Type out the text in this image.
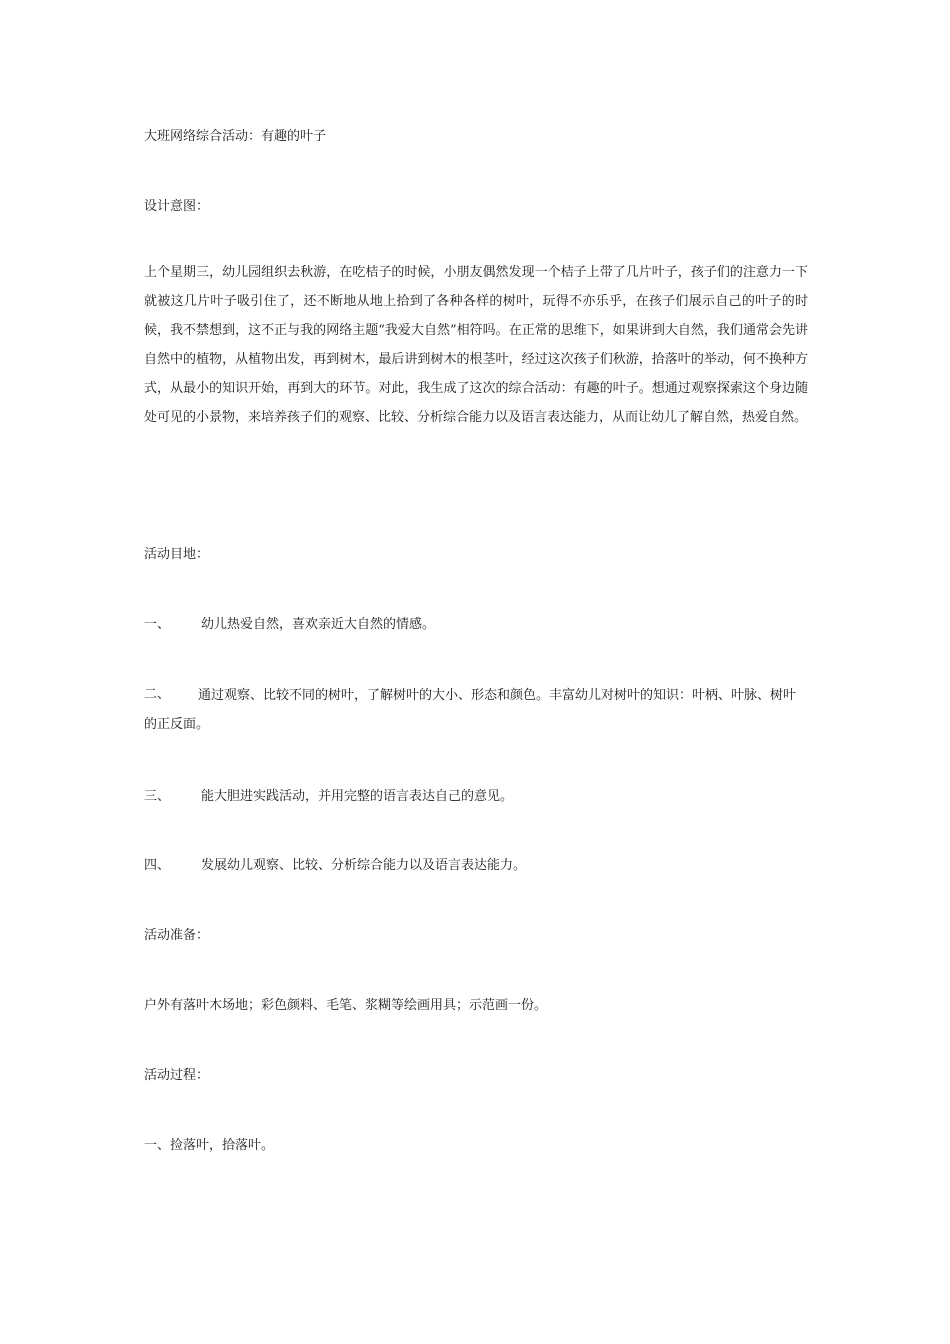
大班网络综合活动：有趣的叶子
设计意图：
上个星期三，幼儿园组织去秋游，在吃桔子的时候，小朋友偶然发现一个桔子上带了几片叶子，孩子们的注意力一下就被这几片叶子吸引住了，还不断地从地上拾到了各种各样的树叶，玩得不亦乐乎，在孩子们展示自己的叶子的时候，我不禁想到，这不正与我的网络主题“我爱大自然”相符吗。在正常的思维下，如果讲到大自然，我们通常会先讲自然中的植物，从植物出发，再到树木，最后讲到树木的根茎叶，经过这次孩子们秋游，拾落叶的举动，何不换种方式，从最小的知识开始，再到大的环节。对此，我生成了这次的综合活动：有趣的叶子。想通过观察探索这个身边随处可见的小景物，来培养孩子们的观察、比较、分析综合能力以及语言表达能力，从而让幼儿了解自然，热爱自然。
活动目地：
一、 幼儿热爱自然，喜欢亲近大自然的情感。
二、	通过观察、比较不同的树叶，了解树叶的大小、形态和颜色。丰富幼儿对树叶的知识：叶柄、叶脉、树叶的正反面。
三、 能大胆进实践活动，并用完整的语言表达自己的意见。
四、 发展幼儿观察、比较、分析综合能力以及语言表达能力。
活动准备：
户外有落叶木场地；彩色颜料、毛笔、浆糊等绘画用具；示范画一份。
活动过程：
一、捡落叶，拾落叶。
